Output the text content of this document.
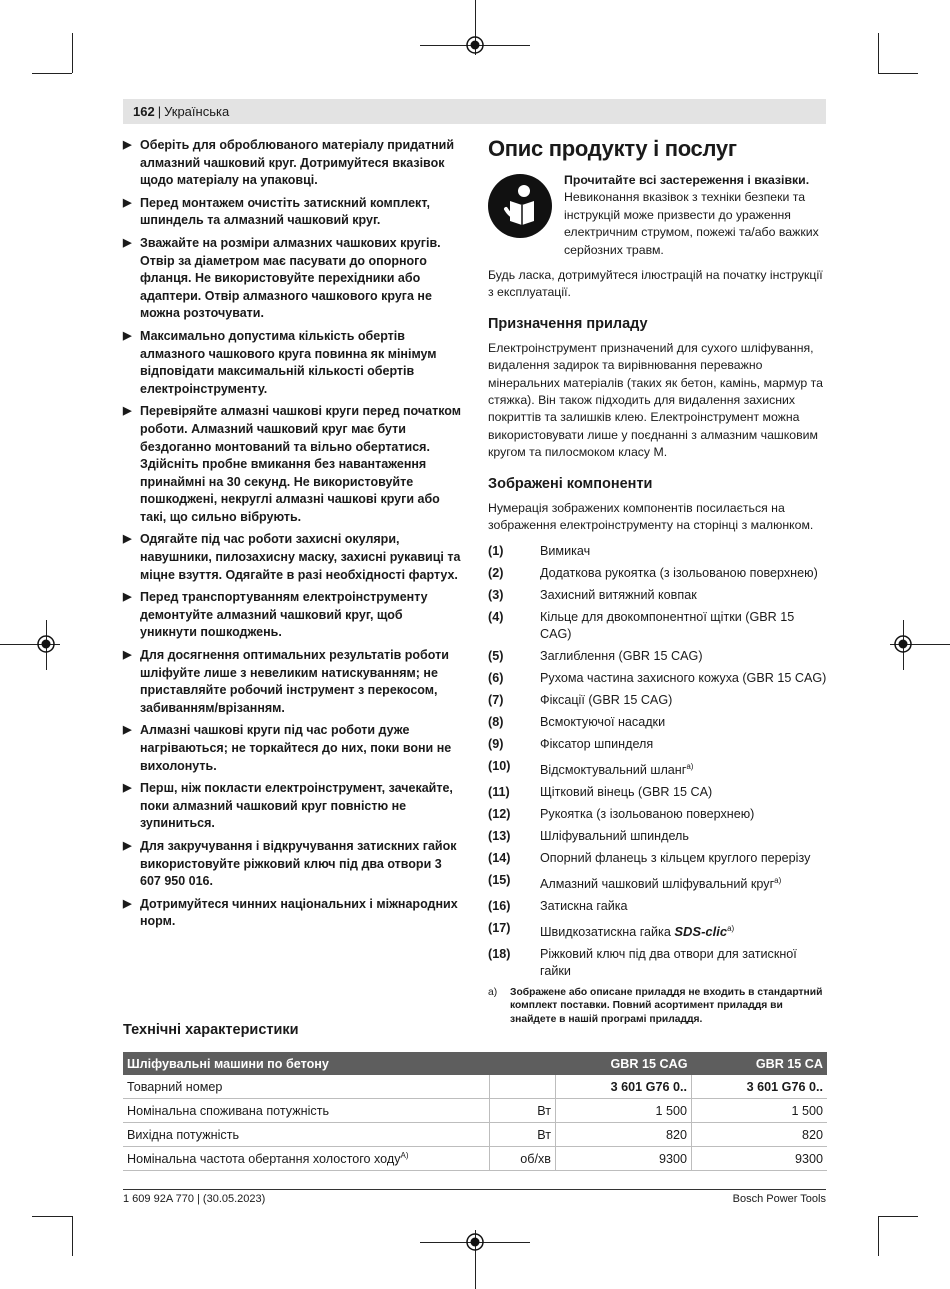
162 | Українська
▶ Оберіть для оброблюваного матеріалу придатний алмазний чашковий круг. Дотримуйтеся вказівок щодо матеріалу на упаковці.
▶ Перед монтажем очистіть затискний комплект, шпиндель та алмазний чашковий круг.
▶ Зважайте на розміри алмазних чашкових кругів. Отвір за діаметром має пасувати до опорного фланця. Не використовуйте перехідники або адаптери. Отвір алмазного чашкового круга не можна розточувати.
▶ Максимально допустима кількість обертів алмазного чашкового круга повинна як мінімум відповідати максимальній кількості обертів електроінструменту.
▶ Перевіряйте алмазні чашкові круги перед початком роботи. Алмазний чашковий круг має бути бездоганно монтований та вільно обертатися. Здійсніть пробне вмикання без навантаження принаймні на 30 секунд. Не використовуйте пошкоджені, некруглі алмазні чашкові круги або такі, що сильно вібрують.
▶ Одягайте під час роботи захисні окуляри, навушники, пилозахисну маску, захисні рукавиці та міцне взуття. Одягайте в разі необхідності фартух.
▶ Перед транспортуванням електроінструменту демонтуйте алмазний чашковий круг, щоб уникнути пошкоджень.
▶ Для досягнення оптимальних результатів роботи шліфуйте лише з невеликим натискуванням; не приставляйте робочий інструмент з перекосом, забиванням/врізанням.
▶ Алмазні чашкові круги під час роботи дуже нагріваються; не торкайтеся до них, поки вони не вихолонуть.
▶ Перш, ніж покласти електроінструмент, зачекайте, поки алмазний чашковий круг повністю не зупиниться.
▶ Для закручування і відкручування затискних гайок використовуйте ріжковий ключ під два отвори 3 607 950 016.
▶ Дотримуйтеся чинних національних і міжнародних норм.
Опис продукту і послуг
Прочитайте всі застереження і вказівки. Невиконання вказівок з техніки безпеки та інструкцій може призвести до ураження електричним струмом, пожежі та/або важких серйозних травм.
Будь ласка, дотримуйтеся ілюстрацій на початку інструкції з експлуатації.
Призначення приладу
Електроінструмент призначений для сухого шліфування, видалення задирок та вирівнювання переважно мінеральних матеріалів (таких як бетон, камінь, мармур та стяжка). Він також підходить для видалення захисних покриттів та залишків клею. Електроінструмент можна використовувати лише у поєднанні з алмазним чашковим кругом та пилосмоком класу М.
Зображені компоненти
Нумерація зображених компонентів посилається на зображення електроінструменту на сторінці з малюнком.
(1)	Вимикач
(2)	Додаткова рукоятка (з ізольованою поверхнею)
(3)	Захисний витяжний ковпак
(4)	Кільце для двокомпонентної щітки (GBR 15 CAG)
(5)	Заглиблення (GBR 15 CAG)
(6)	Рухома частина захисного кожуха (GBR 15 CAG)
(7)	Фіксації (GBR 15 CAG)
(8)	Всмоктуючої насадки
(9)	Фіксатор шпинделя
(10)	Відсмоктувальний шланг$^{a)}$
(11)	Щітковий вінець (GBR 15 CA)
(12)	Рукоятка (з ізольованою поверхнею)
(13)	Шліфувальний шпиндель
(14)	Опорний фланець з кільцем круглого перерізу
(15)	Алмазний чашковий шліфувальний круг$^{a)}$
(16)	Затискна гайка
(17)	Швидкозатискна гайка SDS-clic$^{a)}$
(18)	Ріжковий ключ під два отвори для затискної гайки
a)	Зображене або описане приладдя не входить в стандартний комплект поставки. Повний асортимент приладдя ви знайдете в нашій програмі приладдя.
Технічні характеристики
Шліфувальні машини по бетону		GBR 15 CAG	GBR 15 CA
Товарний номер		3 601 G76 0..	3 601 G76 0..
Номінальна споживана потужність	Вт	1 500	1 500
Вихідна потужність	Вт	820	820
Номінальна частота обертання холостого ходу$^{A)}$	об/хв	9300	9300
1 609 92A 770 | (30.05.2023)	Bosch Power Tools
